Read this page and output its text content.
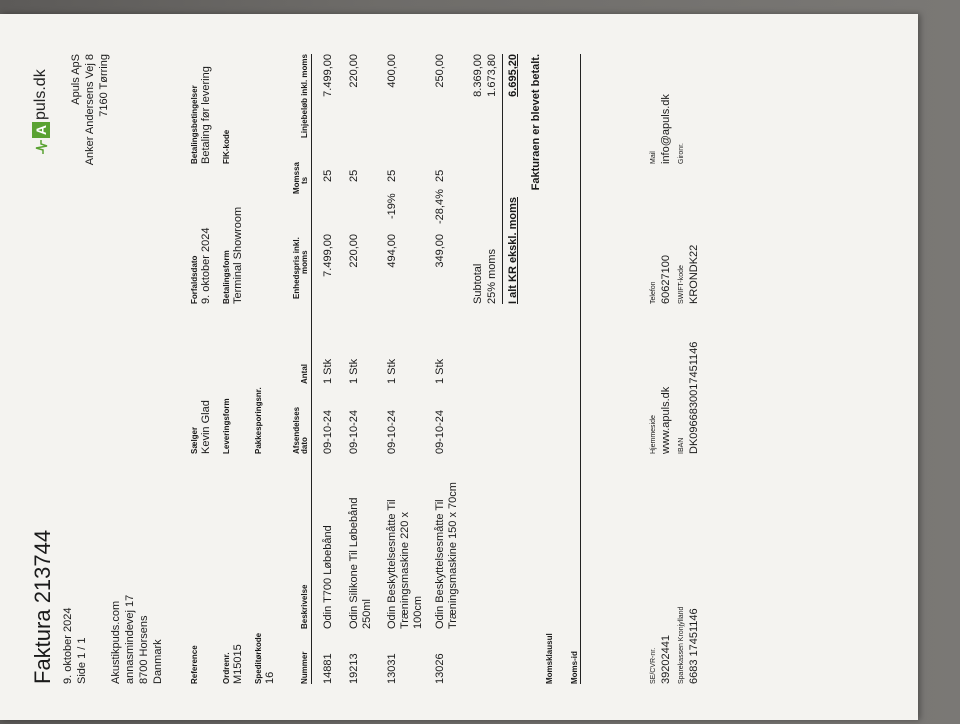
Faktura 213744 9. oktober 2024 Side 1 / 1
A
puls.dk
Akustikpuds.com annasmindevej 17 8700 Horsens Danmark
Apuls ApS Anker Andersens Vej 8 7160 Tørring
Reference
Sælger Kevin Glad
Forfaldsdato 9. oktober 2024
Betalingsbetingelser Betaling før levering
Ordrenr. M15015
Leveringsform
Betalingsform Terminal Showroom
FIK-kode
Speditørkode 16
Pakkesporingsnr.
Nummer
Beskrivelse
Afsendelses dato
Antal
Enhedspris inkl. moms
Momssa ts
Linjebeløb inkl. moms
14881
Odin T700 Løbebånd
09-10-24
1 Stk
7.499,00
25
7.499,00
19213
Odin Silikone Til Løbebånd 250ml
09-10-24
1 Stk
220,00
25
220,00
13031
Odin Beskyttelsesmåtte Til Træningsmaskine 220 x 100cm
09-10-24
1 Stk
494,00
-19%
25
400,00
13026
Odin Beskyttelsesmåtte Til Træningsmaskine 150 x 70cm
09-10-24
1 Stk
349,00
-28,4%
25
250,00
Subtotal
8.369,00
25% moms
1.673,80
I alt KR ekskl. moms
6.695,20 Fakturaen er blevet betalt.
Momsklausul Moms-id	SE/CVR-nr. 39202441
Hjemmeside www.apuls.dk
Telefon 60627100
Mail info@apuls.dk
Sparekassen Kronjylland 6683 17451146
IBAN DK0966830017451146
SWIFT-kode KRONDK22
Gironr.
